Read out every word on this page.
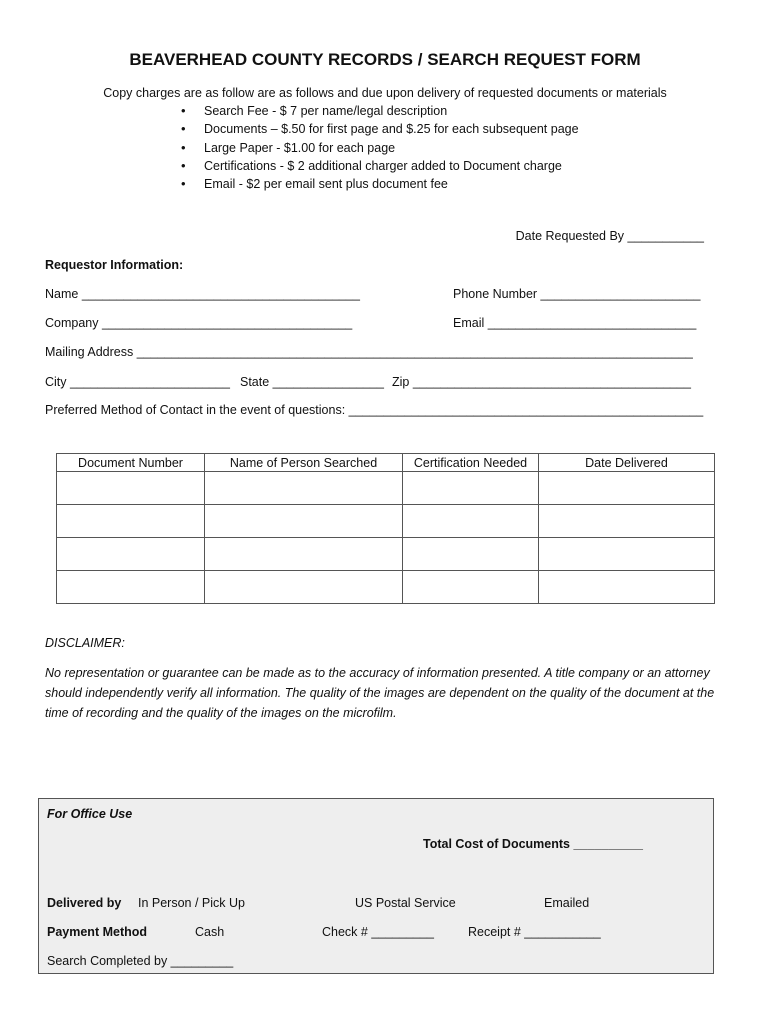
BEAVERHEAD COUNTY RECORDS / SEARCH REQUEST FORM
Copy charges are as follow are as follows and due upon delivery of requested documents or materials
• Search Fee - $ 7 per name/legal description
• Documents – $.50 for first page and $.25 for each subsequent page
• Large Paper - $1.00 for each page
• Certifications - $ 2 additional charger added to Document charge
• Email - $2 per email sent plus document fee
Date Requested By ___________
Requestor Information:
Name ________________________________________	Phone Number _______________________
Company ____________________________________	Email ______________________________
Mailing Address ________________________________________________________________________________
City _______________________ State ________________ Zip ________________________________________
Preferred Method of Contact in the event of questions: ___________________________________________________
Document Number	Name of Person Searched	Certification Needed	Date Delivered

DISCLAIMER:
No representation or guarantee can be made as to the accuracy of information presented. A title company or an attorney should independently verify all information. The quality of the images are dependent on the quality of the document at the time of recording and the quality of the images on the microfilm.
For Office Use
Total Cost of Documents __________
Delivered by In Person / Pick Up	US Postal Service	Emailed
Payment Method	Cash	Check # _________	Receipt # ___________
Search Completed by _________
